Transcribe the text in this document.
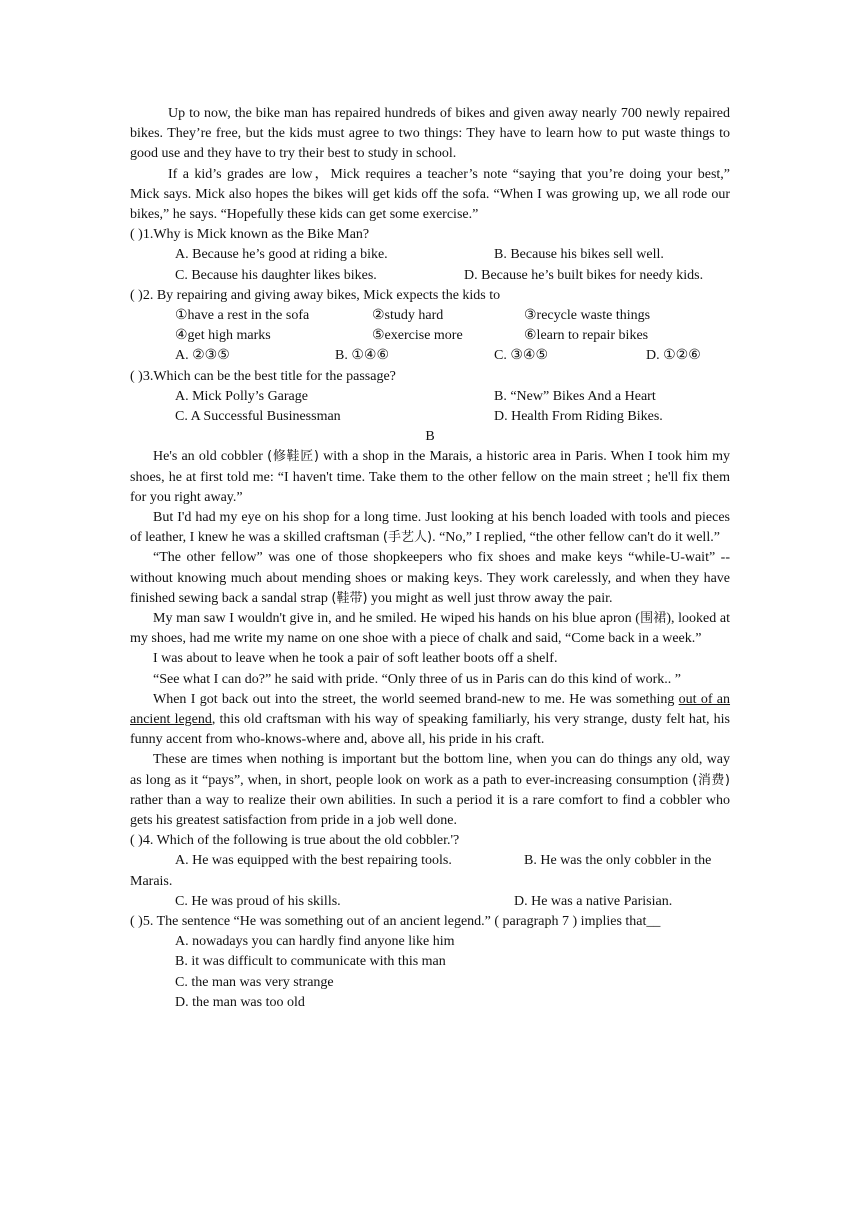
Up to now, the bike man has repaired hundreds of bikes and given away nearly 700 newly repaired bikes. They’re free, but the kids must agree to two things: They have to learn how to put waste things to good use and they have to try their best to study in school.

If a kid’s grades are low，Mick requires a teacher’s note “saying that you’re doing your best,” Mick says. Mick also hopes the bikes will get kids off the sofa. “When I was growing up, we all rode our bikes,” he says. “Hopefully these kids can get some exercise.”

( )1.Why is Mick known as the Bike Man?
A. Because he’s good at riding a bike.	B. Because his bikes sell well.
C. Because his daughter likes bikes.	D. Because he’s built bikes for needy kids.
( )2. By repairing and giving away bikes, Mick expects the kids to
①have a rest in the sofa	②study hard	③recycle waste things
④get high marks	⑤exercise more	⑥learn to repair bikes
A. ②③⑤	B. ①④⑥	C. ③④⑤	D. ①②⑥
( )3.Which can be the best title for the passage?
A. Mick Polly’s Garage	B. “New” Bikes And a Heart
C. A Successful Businessman	D. Health From Riding Bikes.
B

He's an old cobbler (修鞋匠) with a shop in the Marais, a historic area in Paris. When I took him my shoes, he at first told me: “I haven't time. Take them to the other fellow on the main street ; he'll fix them for you right away.”

But I'd had my eye on his shop for a long time. Just looking at his bench loaded with tools and pieces of leather, I knew he was a skilled craftsman (手艺人). “No,” I replied, “the other fellow can't do it well.”

“The other fellow” was one of those shopkeepers who fix shoes and make keys “while-U-wait” -- without knowing much about mending shoes or making keys. They work carelessly, and when they have finished sewing back a sandal strap (鞋带) you might as well just throw away the pair.

My man saw I wouldn't give in, and he smiled. He wiped his hands on his blue apron (围裙), looked at my shoes, had me write my name on one shoe with a piece of chalk and said, “Come back in a week.”

I was about to leave when he took a pair of soft leather boots off a shelf.

“See what I can do?” he said with pride. “Only three of us in Paris can do this kind of work.. ”

When I got back out into the street, the world seemed brand-new to me. He was something out of an ancient legend, this old craftsman with his way of speaking familiarly, his very strange, dusty felt hat, his funny accent from who-knows-where and, above all, his pride in his craft.

These are times when nothing is important but the bottom line, when you can do things any old, way as long as it “pays”, when, in short, people look on work as a path to ever-increasing consumption (消费) rather than a way to realize their own abilities. In such a period it is a rare comfort to find a cobbler who gets his greatest satisfaction from pride in a job well done.

( )4. Which of the following is true about the old cobbler.'?
A. He was equipped with the best repairing tools.	B. He was the only cobbler in the
Marais.
C. He was proud of his skills.	D. He was a native Parisian.
( )5. The sentence “He was something out of an ancient legend.” ( paragraph 7 ) implies that__
A. nowadays you can hardly find anyone like him
B. it was difficult to communicate with this man
C. the man was very strange
D. the man was too old
